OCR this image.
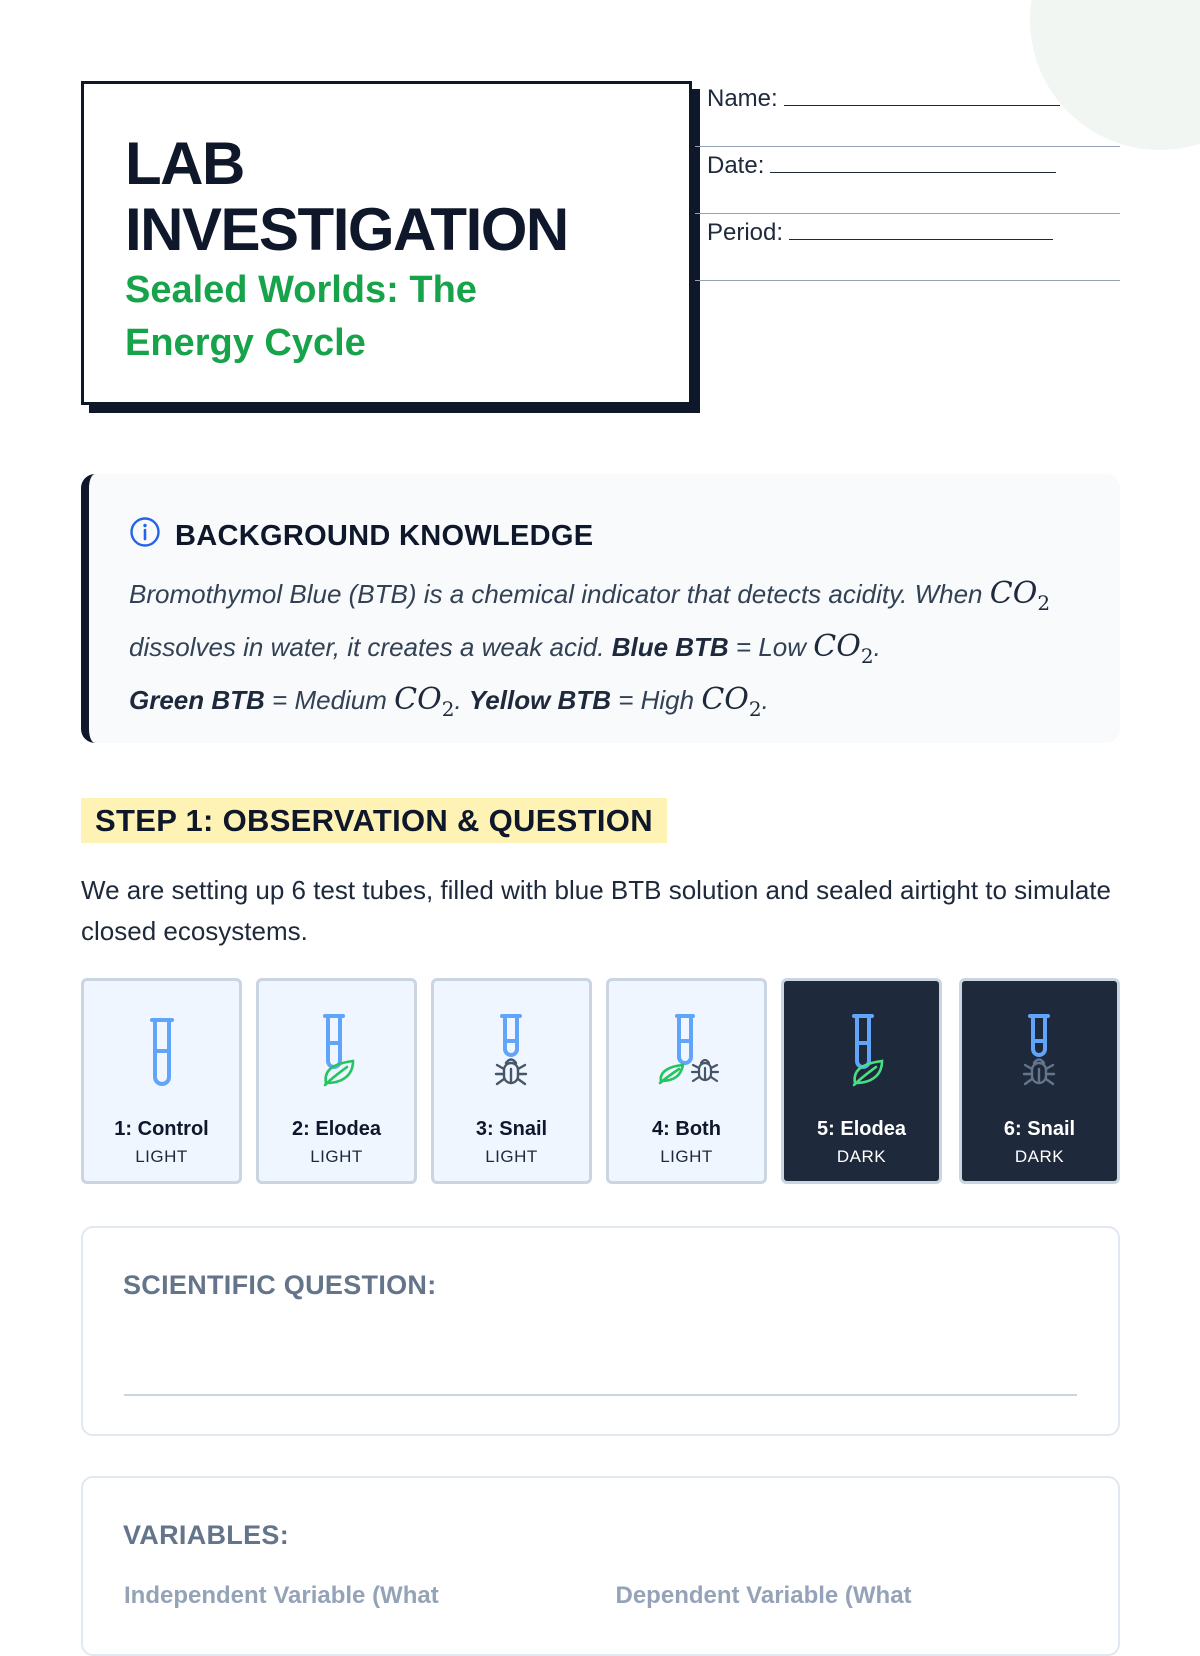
LAB INVESTIGATION
Sealed Worlds: The Energy Cycle
Name:
Date:
Period:
BACKGROUND KNOWLEDGE
Bromothymol Blue (BTB) is a chemical indicator that detects acidity. When $CO_2$ dissolves in water, it creates a weak acid. Blue BTB = Low $CO_2$.
Green BTB = Medium $CO_2$. Yellow BTB = High $CO_2$.
STEP 1: OBSERVATION & QUESTION
We are setting up 6 test tubes, filled with blue BTB solution and sealed airtight to simulate closed ecosystems.
1: Control
LIGHT
2: Elodea
LIGHT
3: Snail
LIGHT
4: Both
LIGHT
5: Elodea
DARK
6: Snail
DARK
SCIENTIFIC QUESTION:
VARIABLES:
Independent Variable (What	Dependent Variable (What
